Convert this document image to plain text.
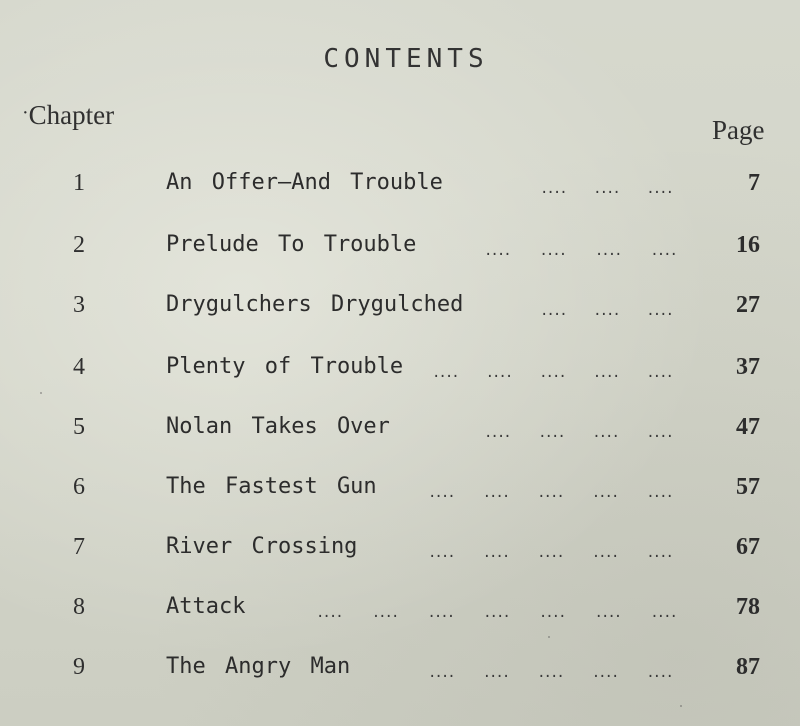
CONTENTS
·Chapter	Page
1	An Offer—And Trouble	.... .... ....	7
2	Prelude To Trouble	.... .... .... ....	16
3	Drygulchers Drygulched	.... .... ....	27
4	Plenty of Trouble .... .... .... .... ....	37
5	Nolan Takes Over	.... .... .... ....	47
6	The Fastest Gun	.... .... .... .... ....	57
7	River Crossing	.... .... .... .... ....	67
8	Attack	.... .... .... .... .... .... ....	78
9	The Angry Man	.... .... .... .... ....	87
